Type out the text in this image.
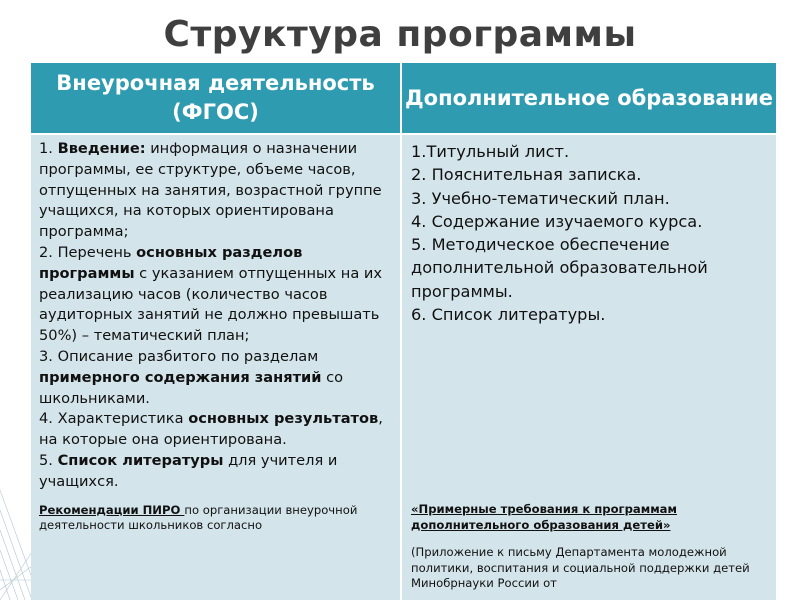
Структура программы
Внеурочная деятельность (ФГОС)
Дополнительное образование

1. Введение: информация о назначении программы, ее структуре, объеме часов, отпущенных на занятия, возрастной группе учащихся, на которых ориентирована программа;

2. Перечень основных разделов программы с указанием отпущенных на их реализацию часов (количество часов аудиторных занятий не должно превышать 50%) – тематический план;

3. Описание разбитого по разделам примерного содержания занятий со школьниками.

4. Характеристика основных результатов, на которые она ориентирована.

5. Список литературы для учителя и учащихся.

Рекомендации ПИРО по организации внеурочной деятельности школьников согласно

1.Титульный лист.

2. Пояснительная записка.

3. Учебно-тематический план.

4. Содержание изучаемого курса.

5. Методическое обеспечение дополнительной образовательной программы.

6. Список литературы.

«Примерные требования к программам дополнительного образования детей»
(Приложение к письму Департамента молодежной политики, воспитания и социальной поддержки детей Минобрнауки России от
